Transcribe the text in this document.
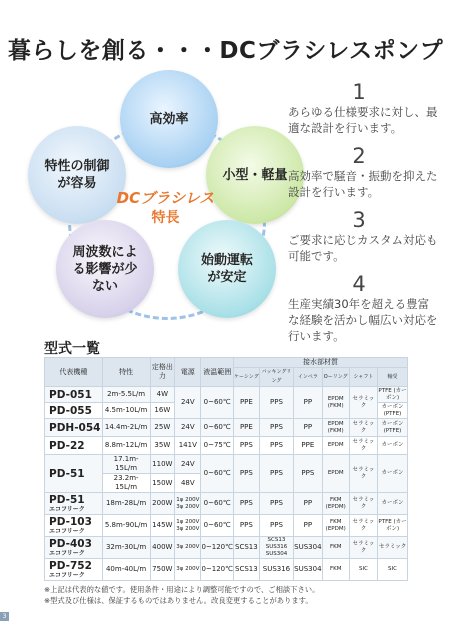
暮らしを創る・・・DCブラシレスポンプ
高効率
小型・軽量
特性の制御が容易
周波数による影響が少ない
始動運転が安定
DCブラシレス
特長
1
あらゆる仕様要求に対し、最適な設計を行います。
2
高効率で騒音・振動を抑えた設計を行います。
3
ご要求に応じカスタム対応も可能です。
4
生産実績30年を超える豊富な経験を活かし幅広い対応を行います。
型式一覧
代表機種	特性	定格出力	電源	液温範囲	接水部材質					
					ケーシング	バッキングリング	インペラ	Oーリング	シャフト	軸受
PD-051	2m-5.5L/m	4W	24V	0~60℃	PPE	PPS	PP	EPDM (FKM)	セラミック	PTFE (カーボン)
PD-055	4.5m-10L/m	16W								カーボン (PTFE)
PDH-054	14.4m-2L/m	25W	24V	0~60℃	PPE	PPS	PP	EPDM (FKM)	セラミック	カーボン (PTFE)
PD-22	8.8m-12L/m	35W	141V	0~75℃	PPS	PPS	PPE	EPDM	セラミック	カーボン
PD-51	17.1m-15L/m	110W	24V	0~60℃	PPS	PPS	PPS	EPDM	セラミック	カーボン
	23.2m-15L/m	150W	48V							
PD-51
エコフリーク	18m-28L/m	200W	1φ 200V 3φ 200V	0~60℃	PPS	PPS	PP	FKM (EPDM)	セラミック	カーボン
PD-103
エコフリーク	5.8m-90L/m	145W	1φ 200V 3φ 200V	0~60℃	PPS	PPS	PP	FKM (EPDM)	セラミック	PTFE (カーボン)
PD-403
エコフリーク	32m-30L/m	400W	3φ 200V	0~120℃	SCS13	SCS13 SUS316 SUS304	SUS304	FKM	セラミック	セラミック
PD-752
エコフリーク	40m-40L/m	750W	3φ 200V	0~120℃	SCS13	SUS316	SUS304	FKM	SIC	SIC
※上記は代表的な値です。使用条件・用途により調整可能ですので、ご相談下さい。
※型式及び仕様は、保証するものではありません。改良変更することがあります。
3
